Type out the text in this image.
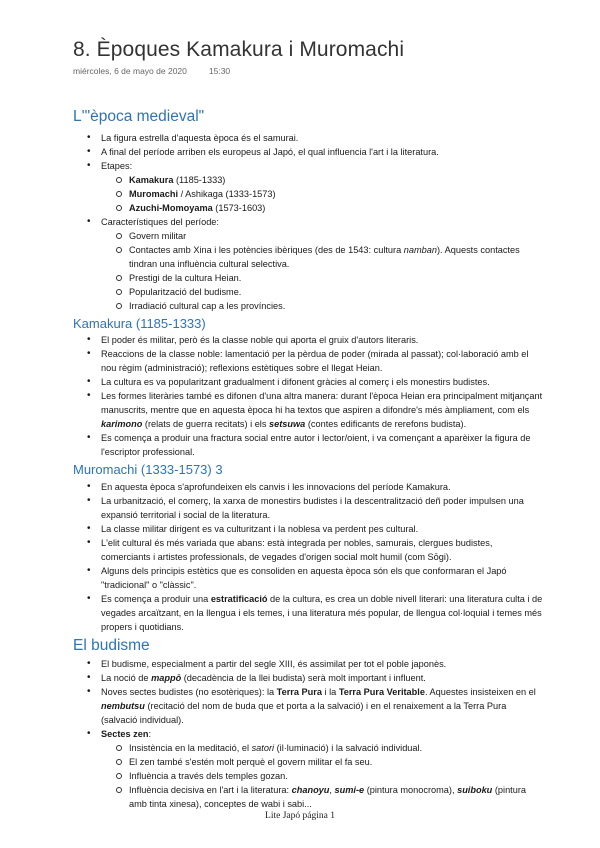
8. Èpoques Kamakura i Muromachi
miércoles, 6 de mayo de 2020	15:30
L'"època medieval"
• La figura estrella d'aquesta època és el samurai.
• A final del període arriben els europeus al Japó, el qual influencia l'art i la literatura.
• Etapes:
Kamakura (1185-1333)
Muromachi / Ashikaga (1333-1573)
Azuchi-Momoyama (1573-1603)
• Característiques del període:
Govern militar
Contactes amb Xina i les potències ibèriques (des de 1543: cultura namban). Aquests contactes tindran una influència cultural selectiva.
Prestigi de la cultura Heian.
Popularització del budisme.
Irradiació cultural cap a les províncies.
Kamakura (1185-1333)
• El poder és militar, però és la classe noble qui aporta el gruix d'autors literaris.
• Reaccions de la classe noble: lamentació per la pèrdua de poder (mirada al passat); col·laboració amb el nou règim (administració); reflexions estètiques sobre el llegat Heian.
• La cultura es va popularitzant gradualment i difonent gràcies al comerç i els monestirs budistes.
• Les formes literàries també es difonen d'una altra manera: durant l'època Heian era principalment mitjançant manuscrits, mentre que en aquesta època hi ha textos que aspiren a difondre's més àmpliament, com els karimono (relats de guerra recitats) i els setsuwa (contes edificants de rerefons budista).
• Es comença a produir una fractura social entre autor i lector/oient, i va començant a aparèixer la figura de l'escriptor professional.
Muromachi (1333-1573) 3
• En aquesta època s'aprofundeixen els canvis i les innovacions del període Kamakura.
• La urbanització, el comerç, la xarxa de monestirs budistes i la descentralització deñ poder impulsen una expansió territorial i social de la literatura.
• La classe militar dirigent es va culturitzant i la noblesa va perdent pes cultural.
• L'elit cultural és més variada que abans: està integrada per nobles, samurais, clergues budistes, comerciants i artistes professionals, de vegades d'origen social molt humil (com Sōgi).
• Alguns dels principis estètics que es consoliden en aquesta època són els que conformaran el Japó "tradicional" o "clàssic".
• Es comença a produir una estratificació de la cultura, es crea un doble nivell literari: una literatura culta i de vegades arcaïtzant, en la llengua i els temes, i una literatura més popular, de llengua col·loquial i temes més propers i quotidians.
El budisme
• El budisme, especialment a partir del segle XIII, és assimilat per tot el poble japonès.
• La noció de mappō (decadència de la llei budista) serà molt important i influent.
• Noves sectes budistes (no esotèriques): la Terra Pura i la Terra Pura Veritable. Aquestes insisteixen en el nembutsu (recitació del nom de buda que et porta a la salvació) i en el renaixement a la Terra Pura (salvació individual).
• Sectes zen:
Insistència en la meditació, el satori (il·luminació) i la salvació individual.
El zen també s'estén molt perquè el govern militar el fa seu.
Influència a través dels temples gozan.
Influència decisiva en l'art i la literatura: chanoyu, sumi-e (pintura monocroma), suiboku (pintura amb tinta xinesa), conceptes de wabi i sabi...
Lite Japó página 1
